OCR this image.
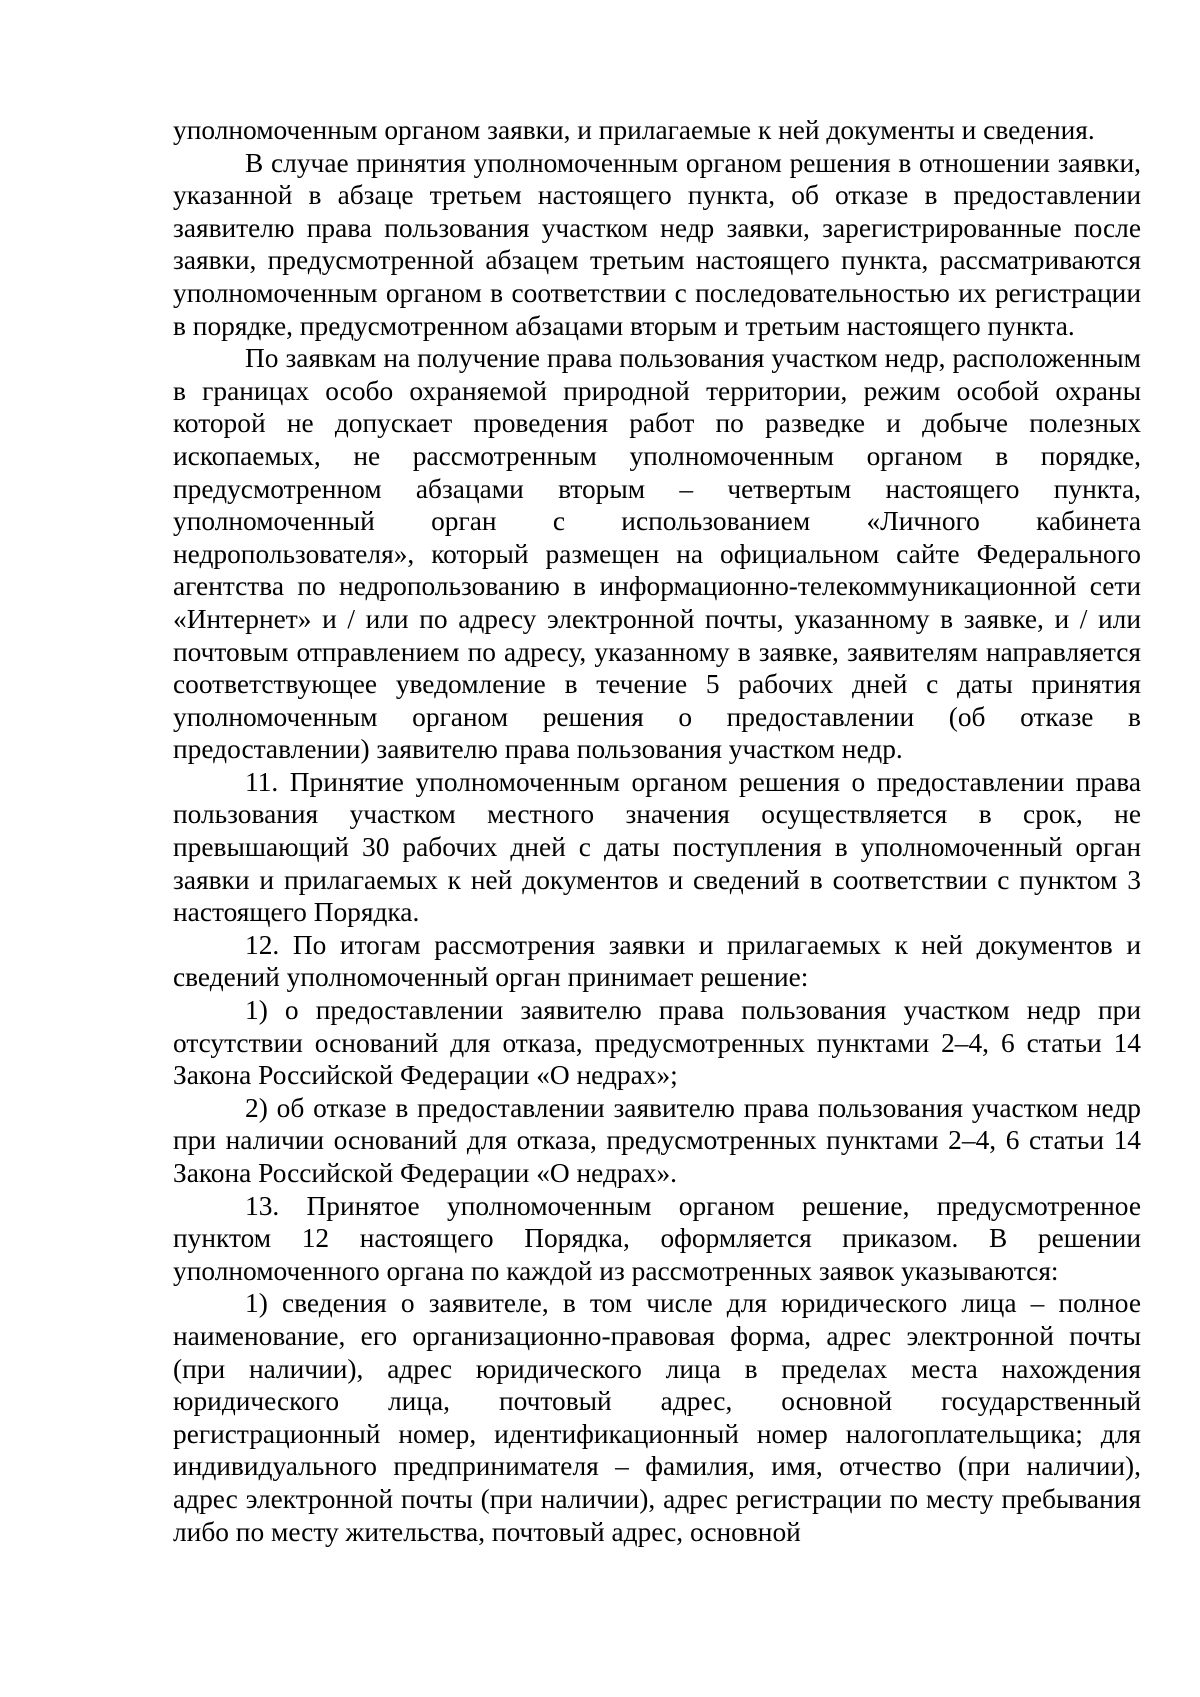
уполномоченным органом заявки, и прилагаемые к ней документы и сведения.

В случае принятия уполномоченным органом решения в отношении заявки, указанной в абзаце третьем настоящего пункта, об отказе в предоставлении заявителю права пользования участком недр заявки, зарегистрированные после заявки, предусмотренной абзацем третьим настоящего пункта, рассматриваются уполномоченным органом в соответствии с последовательностью их регистрации в порядке, предусмотренном абзацами вторым и третьим настоящего пункта.

По заявкам на получение права пользования участком недр, расположенным в границах особо охраняемой природной территории, режим особой охраны которой не допускает проведения работ по разведке и добыче полезных ископаемых, не рассмотренным уполномоченным органом в порядке, предусмотренном абзацами вторым – четвертым настоящего пункта, уполномоченный орган с использованием «Личного кабинета недропользователя», который размещен на официальном сайте Федерального агентства по недропользованию в информационно-телекоммуникационной сети «Интернет» и / или по адресу электронной почты, указанному в заявке, и / или почтовым отправлением по адресу, указанному в заявке, заявителям направляется соответствующее уведомление в течение 5 рабочих дней с даты принятия уполномоченным органом решения о предоставлении (об отказе в предоставлении) заявителю права пользования участком недр.

11. Принятие уполномоченным органом решения о предоставлении права пользования участком местного значения осуществляется в срок, не превышающий 30 рабочих дней с даты поступления в уполномоченный орган заявки и прилагаемых к ней документов и сведений в соответствии с пунктом 3 настоящего Порядка.

12. По итогам рассмотрения заявки и прилагаемых к ней документов и сведений уполномоченный орган принимает решение:

1) о предоставлении заявителю права пользования участком недр при отсутствии оснований для отказа, предусмотренных пунктами 2–4, 6 статьи 14 Закона Российской Федерации «О недрах»;

2) об отказе в предоставлении заявителю права пользования участком недр при наличии оснований для отказа, предусмотренных пунктами 2–4, 6 статьи 14 Закона Российской Федерации «О недрах».

13. Принятое уполномоченным органом решение, предусмотренное пунктом 12 настоящего Порядка, оформляется приказом. В решении уполномоченного органа по каждой из рассмотренных заявок указываются:

1) сведения о заявителе, в том числе для юридического лица – полное наименование, его организационно-правовая форма, адрес электронной почты (при наличии), адрес юридического лица в пределах места нахождения юридического лица, почтовый адрес, основной государственный регистрационный номер, идентификационный номер налогоплательщика; для индивидуального предпринимателя – фамилия, имя, отчество (при наличии), адрес электронной почты (при наличии), адрес регистрации по месту пребывания либо по месту жительства, почтовый адрес, основной
